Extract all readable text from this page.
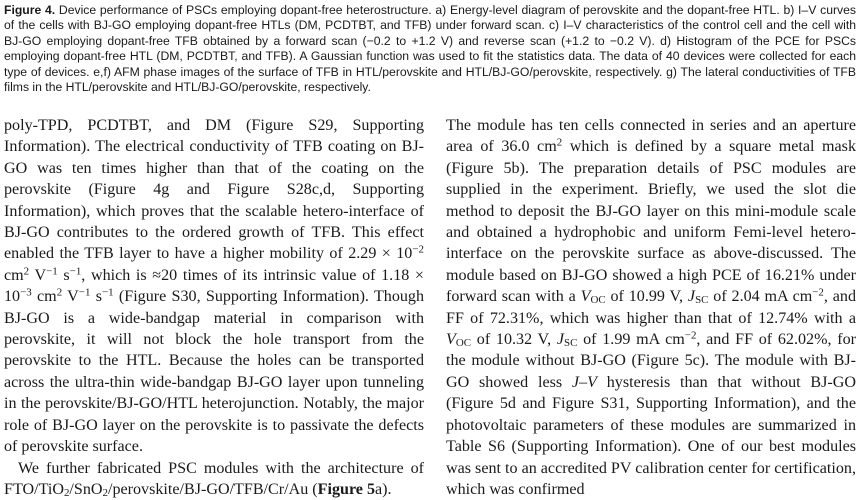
Figure 4. Device performance of PSCs employing dopant-free heterostructure. a) Energy-level diagram of perovskite and the dopant-free HTL. b) I–V curves of the cells with BJ-GO employing dopant-free HTLs (DM, PCDTBT, and TFB) under forward scan. c) I–V characteristics of the control cell and the cell with BJ-GO employing dopant-free TFB obtained by a forward scan (−0.2 to +1.2 V) and reverse scan (+1.2 to −0.2 V). d) Histogram of the PCE for PSCs employing dopant-free HTL (DM, PCDTBT, and TFB). A Gaussian function was used to fit the statistics data. The data of 40 devices were collected for each type of devices. e,f) AFM phase images of the surface of TFB in HTL/perovskite and HTL/BJ-GO/perovskite, respectively. g) The lateral conductivities of TFB films in the HTL/perovskite and HTL/BJ-GO/perovskite, respectively.

poly-TPD, PCDTBT, and DM (Figure S29, Supporting Information). The electrical conductivity of TFB coating on BJ-GO was ten times higher than that of the coating on the perovskite (Figure 4g and Figure S28c,d, Supporting Information), which proves that the scalable hetero-interface of BJ-GO contributes to the ordered growth of TFB. This effect enabled the TFB layer to have a higher mobility of $2.29 \times 10^{-2}$ $cm^2$ $V^{-1}$ $s^{-1}$, which is ≈20 times of its intrinsic value of $1.18 \times 10^{-3}$ $cm^2$ $V^{-1}$ $s^{-1}$ (Figure S30, Supporting Information). Though BJ-GO is a wide-bandgap material in comparison with perovskite, it will not block the hole transport from the perovskite to the HTL. Because the holes can be transported across the ultra-thin wide-bandgap BJ-GO layer upon tunneling in the perovskite/BJ-GO/HTL heterojunction. Notably, the major role of BJ-GO layer on the perovskite is to passivate the defects of perovskite surface.

We further fabricated PSC modules with the architecture of FTO/TiO$_2$/SnO$_2$/perovskite/BJ-GO/TFB/Cr/Au (Figure 5a).

The module has ten cells connected in series and an aperture area of 36.0 $cm^2$ which is defined by a square metal mask (Figure 5b). The preparation details of PSC modules are supplied in the experiment. Briefly, we used the slot die method to deposit the BJ-GO layer on this mini-module scale and obtained a hydrophobic and uniform Femi-level hetero-interface on the perovskite surface as above-discussed. The module based on BJ-GO showed a high PCE of 16.21% under forward scan with a $V_{OC}$ of 10.99 V, $J_{SC}$ of 2.04 mA $cm^{-2}$, and FF of 72.31%, which was higher than that of 12.74% with a $V_{OC}$ of 10.32 V, $J_{SC}$ of 1.99 mA $cm^{-2}$, and FF of 62.02%, for the module without BJ-GO (Figure 5c). The module with BJ-GO showed less J–V hysteresis than that without BJ-GO (Figure 5d and Figure S31, Supporting Information), and the photovoltaic parameters of these modules are summarized in Table S6 (Supporting Information). One of our best modules was sent to an accredited PV calibration center for certification, which was confirmed
